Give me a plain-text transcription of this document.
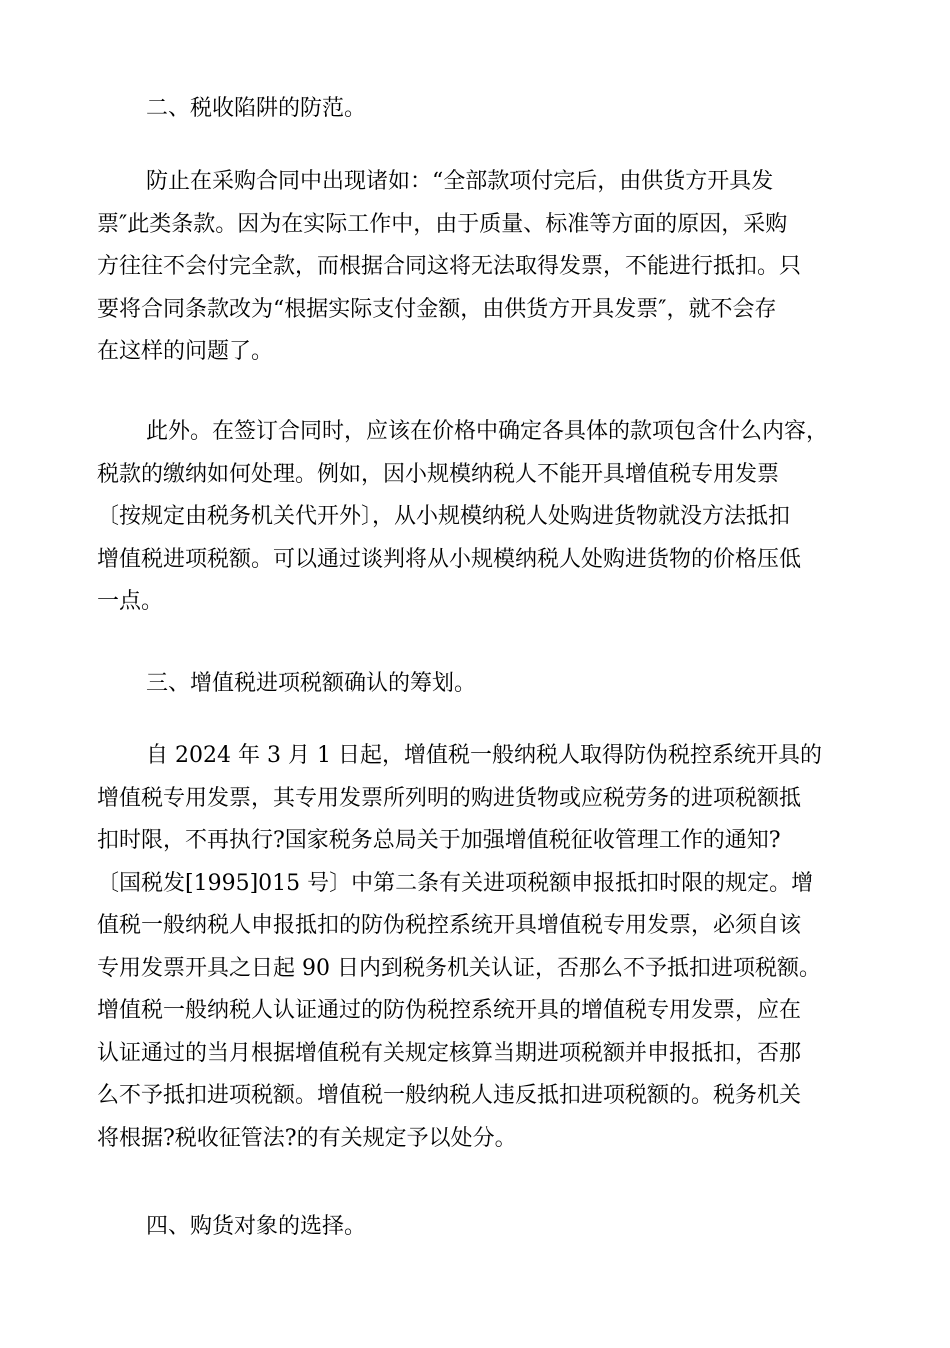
二、税收陷阱的防范。
防止在采购合同中出现诸如：“全部款项付完后，由供货方开具发
票″此类条款。因为在实际工作中，由于质量、标准等方面的原因，采购
方往往不会付完全款，而根据合同这将无法取得发票，不能进行抵扣。只
要将合同条款改为“根据实际支付金额，由供货方开具发票″，就不会存
在这样的问题了。
此外。在签订合同时，应该在价格中确定各具体的款项包含什么内容，
税款的缴纳如何处理。例如，因小规模纳税人不能开具增值税专用发票
〔按规定由税务机关代开外〕，从小规模纳税人处购进货物就没方法抵扣
增值税进项税额。可以通过谈判将从小规模纳税人处购进货物的价格压低
一点。
三、增值税进项税额确认的筹划。
自 2024 年 3 月 1 日起，增值税一般纳税人取得防伪税控系统开具的
增值税专用发票，其专用发票所列明的购进货物或应税劳务的进项税额抵
扣时限，不再执行?国家税务总局关于加强增值税征收管理工作的通知?
〔国税发[1995]015 号〕中第二条有关进项税额申报抵扣时限的规定。增
值税一般纳税人申报抵扣的防伪税控系统开具增值税专用发票，必须自该
专用发票开具之日起 90 日内到税务机关认证，否那么不予抵扣进项税额。
增值税一般纳税人认证通过的防伪税控系统开具的增值税专用发票，应在
认证通过的当月根据增值税有关规定核算当期进项税额并申报抵扣，否那
么不予抵扣进项税额。增值税一般纳税人违反抵扣进项税额的。税务机关
将根据?税收征管法?的有关规定予以处分。
四、购货对象的选择。
